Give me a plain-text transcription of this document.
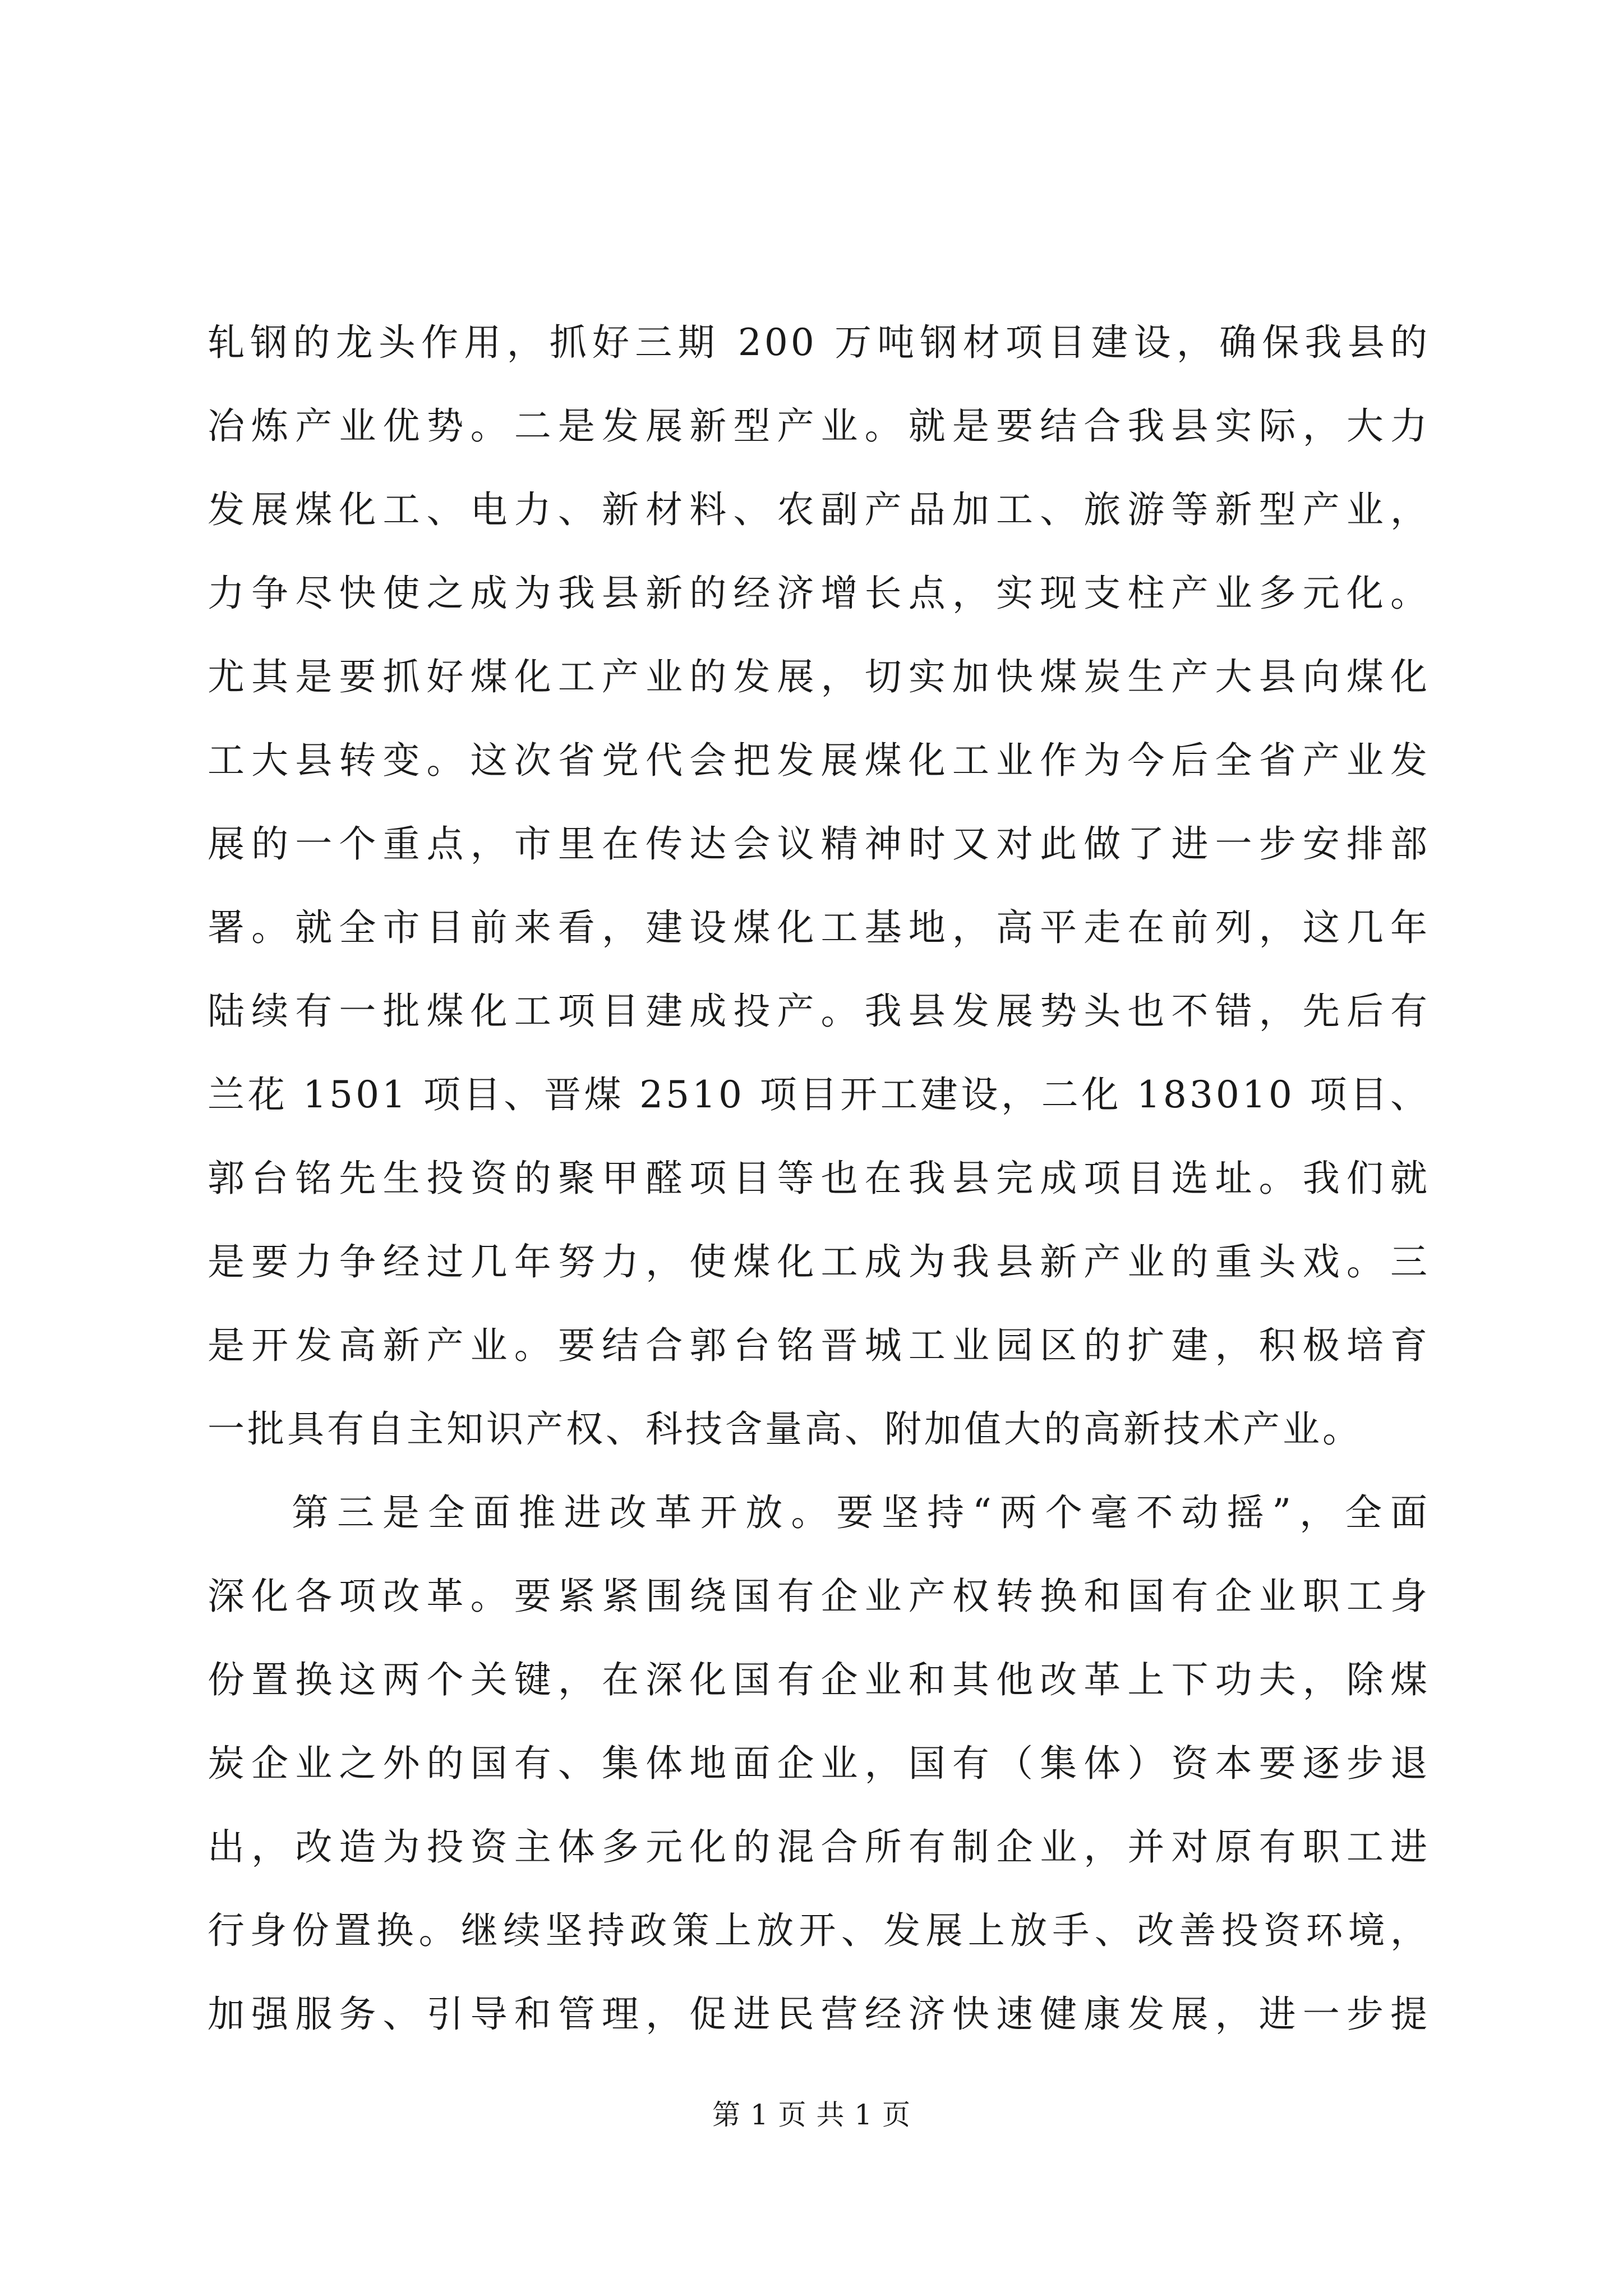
轧钢的龙头作用，抓好三期 200 万吨钢材项目建设，确保我县的
冶炼产业优势。二是发展新型产业。就是要结合我县实际，大力
发展煤化工、电力、新材料、农副产品加工、旅游等新型产业，
力争尽快使之成为我县新的经济增长点，实现支柱产业多元化。
尤其是要抓好煤化工产业的发展，切实加快煤炭生产大县向煤化
工大县转变。这次省党代会把发展煤化工业作为今后全省产业发
展的一个重点，市里在传达会议精神时又对此做了进一步安排部
署。就全市目前来看，建设煤化工基地，高平走在前列，这几年
陆续有一批煤化工项目建成投产。我县发展势头也不错，先后有
兰花 1501 项目、晋煤 2510 项目开工建设，二化 183010 项目、
郭台铭先生投资的聚甲醛项目等也在我县完成项目选址。我们就
是要力争经过几年努力，使煤化工成为我县新产业的重头戏。三
是开发高新产业。要结合郭台铭晋城工业园区的扩建，积极培育
一批具有自主知识产权、科技含量高、附加值大的高新技术产业。
第三是全面推进改革开放。要坚持“两个毫不动摇”，全面
深化各项改革。要紧紧围绕国有企业产权转换和国有企业职工身
份置换这两个关键，在深化国有企业和其他改革上下功夫，除煤
炭企业之外的国有、集体地面企业，国有（集体）资本要逐步退
出，改造为投资主体多元化的混合所有制企业，并对原有职工进
行身份置换。继续坚持政策上放开、发展上放手、改善投资环境，
加强服务、引导和管理，促进民营经济快速健康发展，进一步提
第 1 页 共 1 页
